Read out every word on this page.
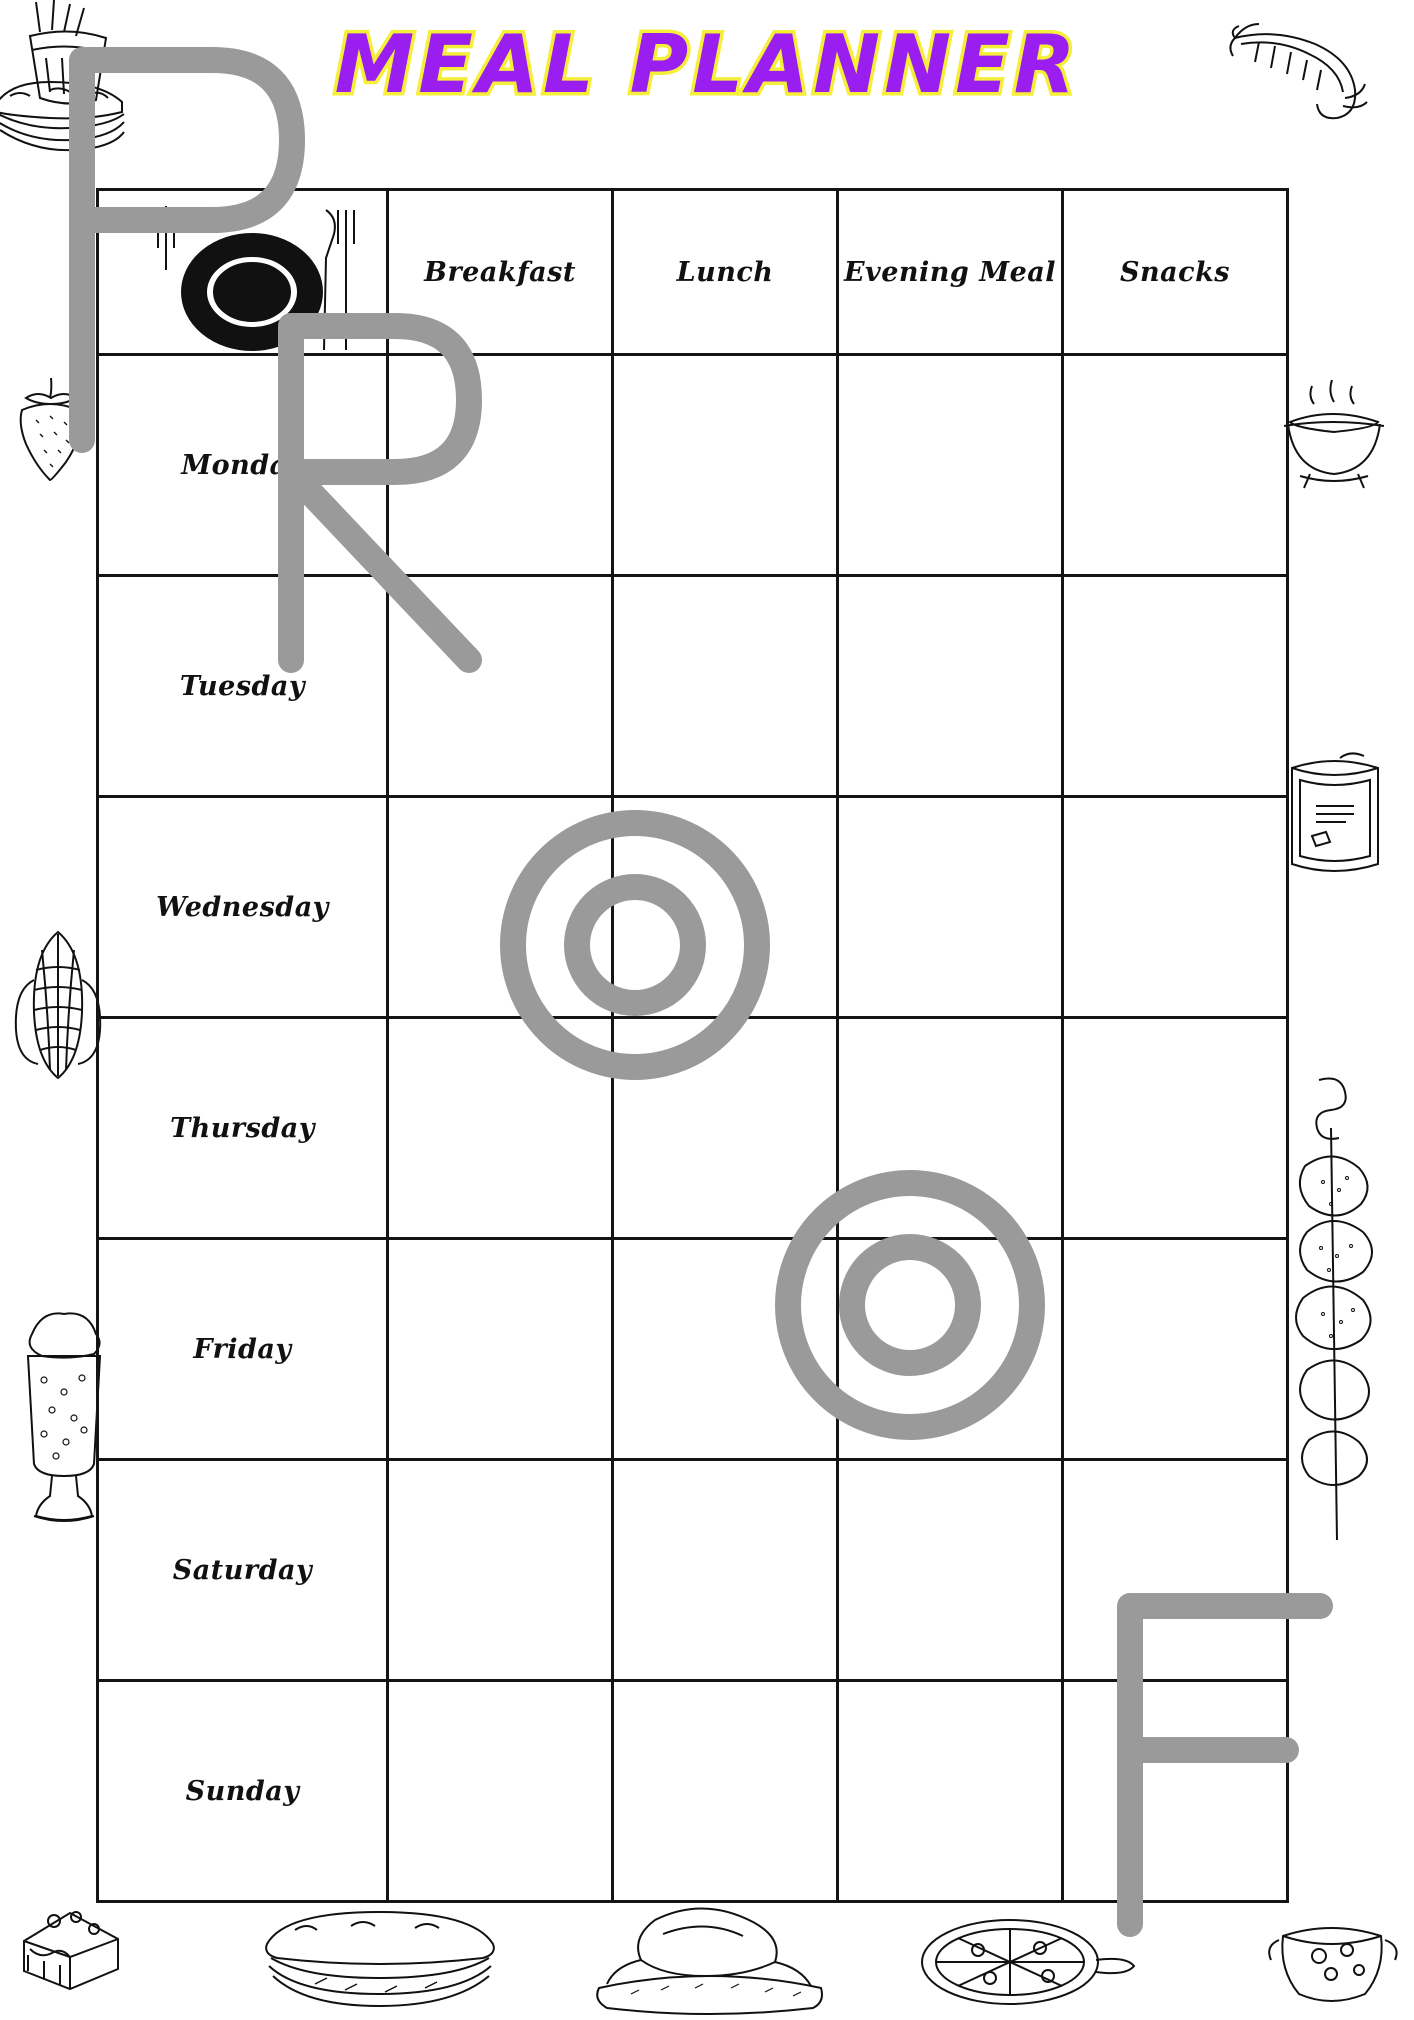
MEAL PLANNER
	Breakfast	Lunch	Evening Meal	Snacks
Monday				
Tuesday				
Wednesday				
Thursday				
Friday				
Saturday				
Sunday				
